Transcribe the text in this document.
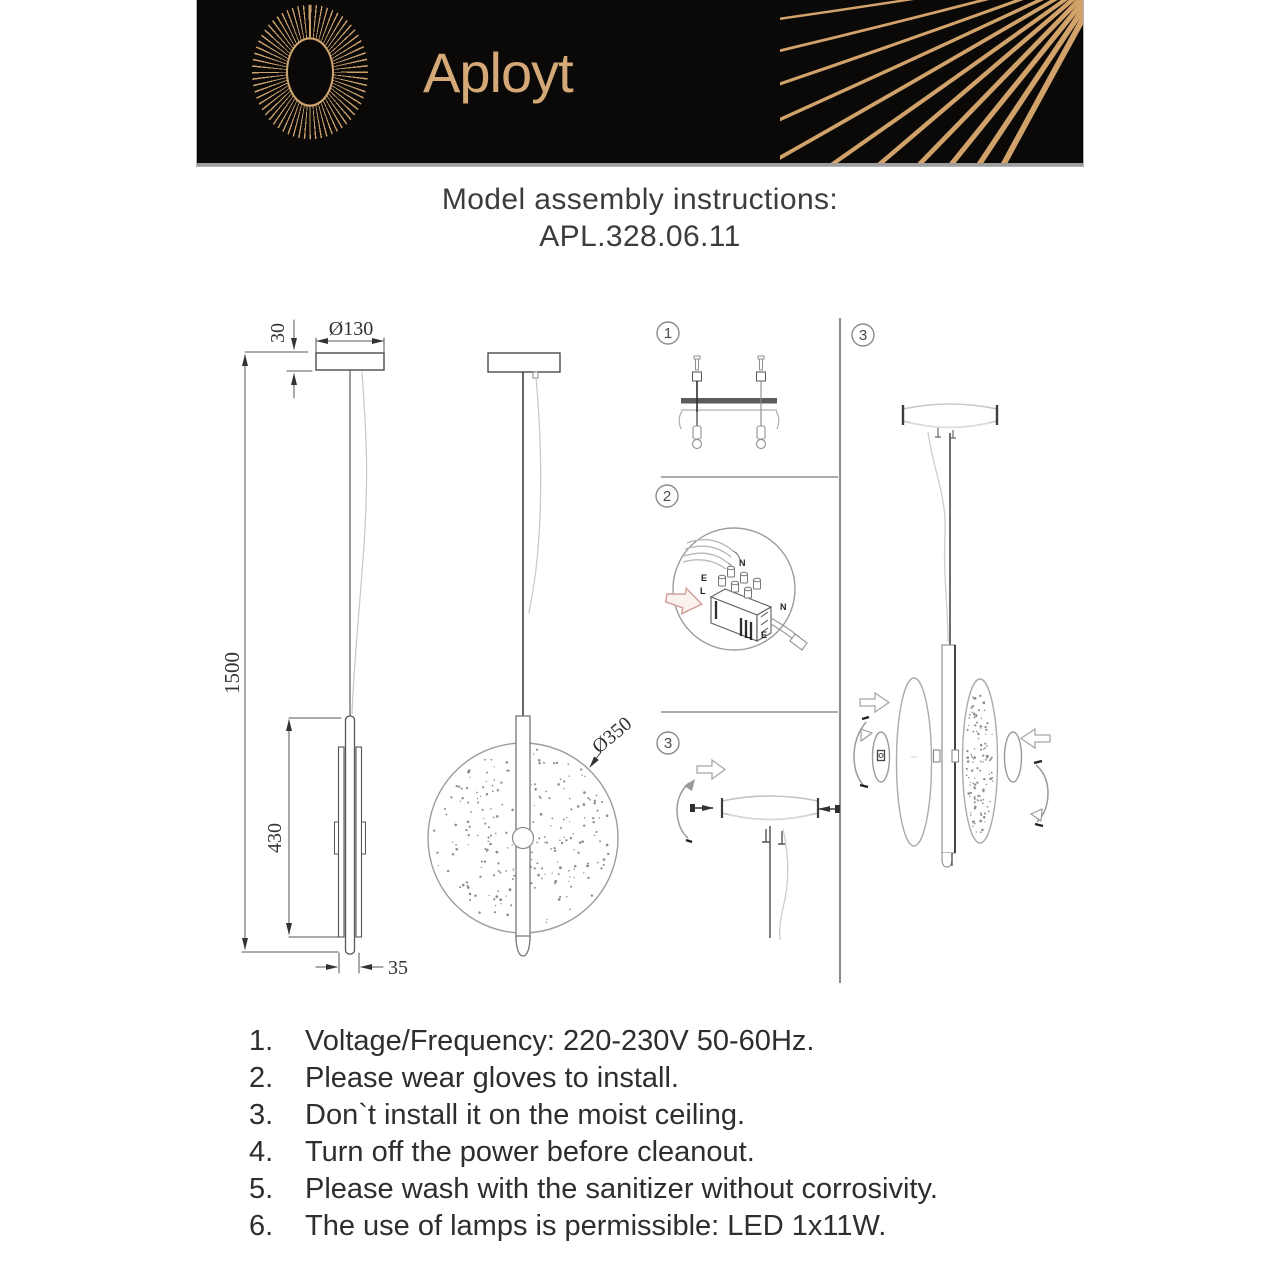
Aployt
Model assembly instructions:
APL.328.06.11
30 Ø130
1500
430
35
Ø350
1
2
N
E
L
N
L E
3
3
1.	Voltage/Frequency: 220-230V 50-60Hz.
2.	Please wear gloves to install.
3.	Don`t install it on the moist ceiling.
4.	Turn off the power before cleanout.
5.	Please wash with the sanitizer without corrosivity.
6.	The use of lamps is permissible: LED 1x11W.
